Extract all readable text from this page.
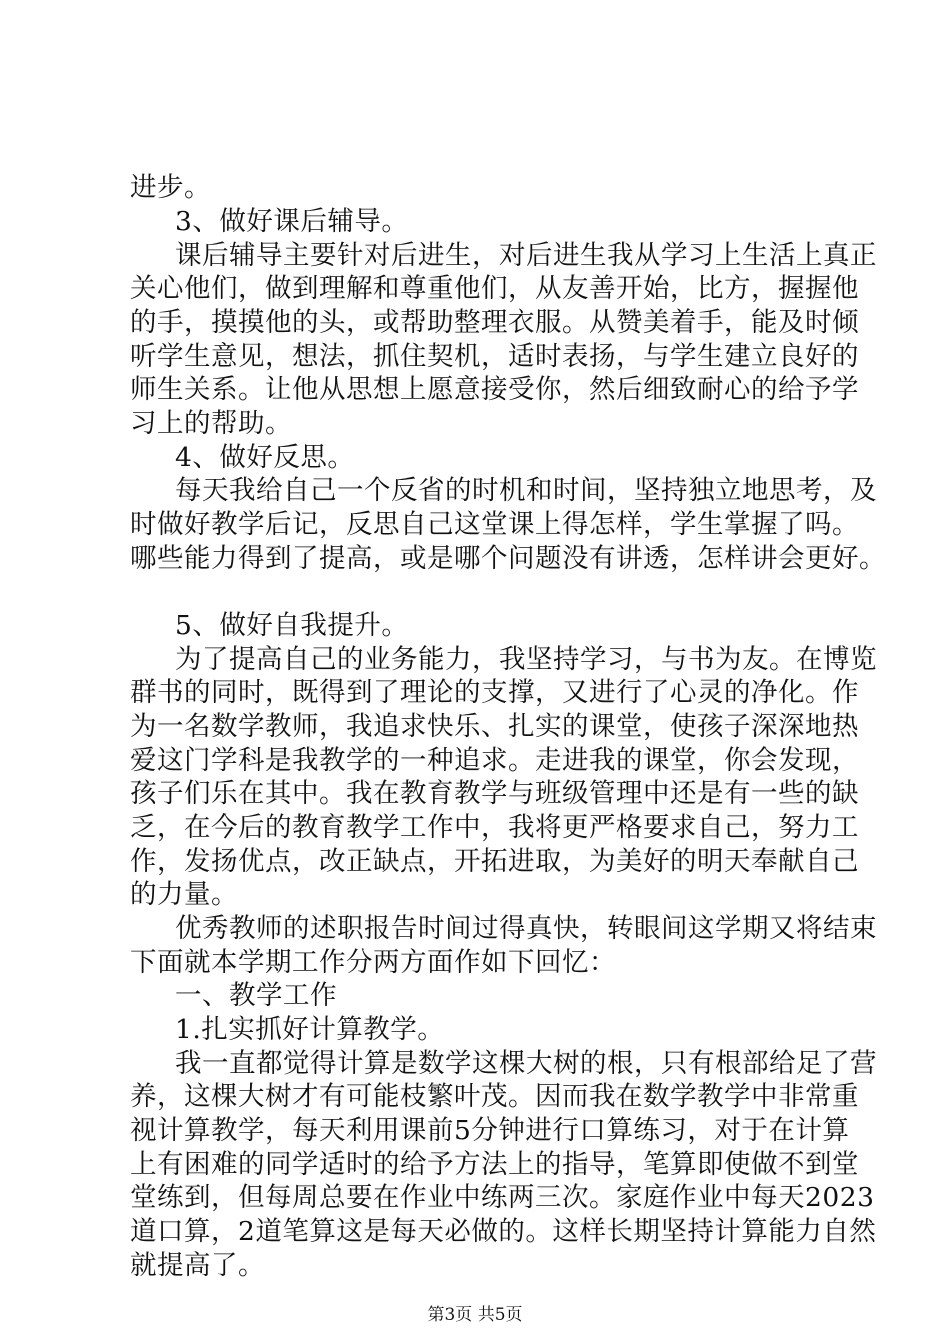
进步。
3、做好课后辅导。
课后辅导主要针对后进生，对后进生我从学习上生活上真正
关心他们，做到理解和尊重他们，从友善开始，比方，握握他
的手，摸摸他的头，或帮助整理衣服。从赞美着手，能及时倾
听学生意见，想法，抓住契机，适时表扬，与学生建立良好的
师生关系。让他从思想上愿意接受你，然后细致耐心的给予学
习上的帮助。
4、做好反思。
每天我给自己一个反省的时机和时间，坚持独立地思考，及
时做好教学后记，反思自己这堂课上得怎样，学生掌握了吗。
哪些能力得到了提高，或是哪个问题没有讲透，怎样讲会更好。
5、做好自我提升。
为了提高自己的业务能力，我坚持学习，与书为友。在博览
群书的同时，既得到了理论的支撑，又进行了心灵的净化。作
为一名数学教师，我追求快乐、扎实的课堂，使孩子深深地热
爱这门学科是我教学的一种追求。走进我的课堂，你会发现，
孩子们乐在其中。我在教育教学与班级管理中还是有一些的缺
乏，在今后的教育教学工作中，我将更严格要求自己，努力工
作，发扬优点，改正缺点，开拓进取，为美好的明天奉献自己
的力量。
优秀教师的述职报告时间过得真快，转眼间这学期又将结束
下面就本学期工作分两方面作如下回忆：
一、教学工作
1.扎实抓好计算教学。
我一直都觉得计算是数学这棵大树的根，只有根部给足了营
养，这棵大树才有可能枝繁叶茂。因而我在数学教学中非常重
视计算教学，每天利用课前5分钟进行口算练习，对于在计算
上有困难的同学适时的给予方法上的指导，笔算即使做不到堂
堂练到，但每周总要在作业中练两三次。家庭作业中每天2023
道口算，2道笔算这是每天必做的。这样长期坚持计算能力自然
就提高了。
第3页 共5页
